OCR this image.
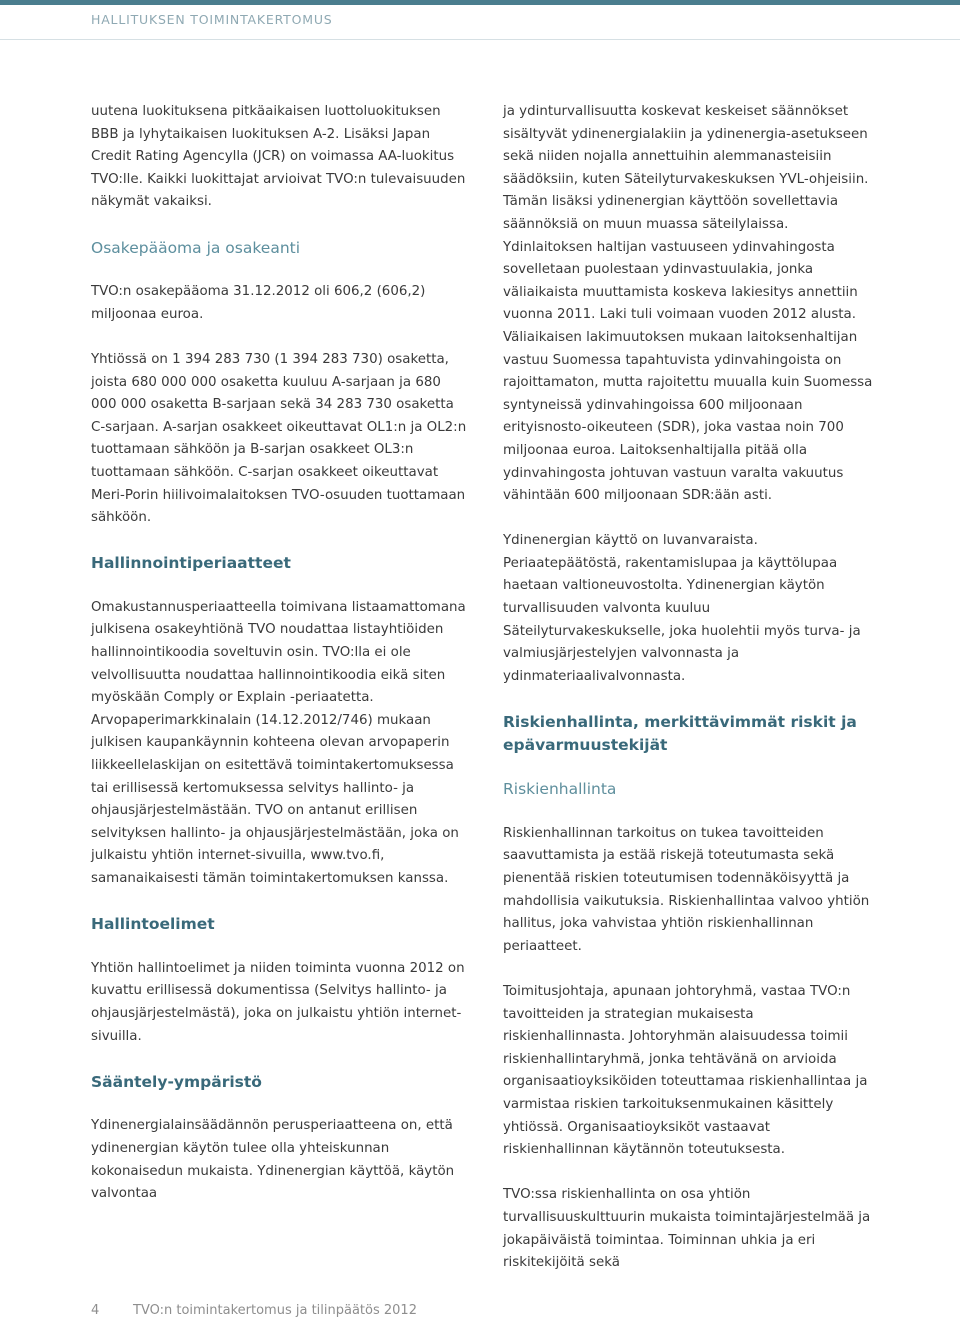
HALLITUKSEN TOIMINTAKERTOMUS

uutena luokituksena pitkäaikaisen luottoluokituksen BBB ja lyhytaikaisen luokituksen A-2. Lisäksi Japan Credit Rating Agencylla (JCR) on voimassa AA-luokitus TVO:lle. Kaikki luokittajat arvioivat TVO:n tulevaisuuden näkymät vakaiksi.

Osakepääoma ja osakeanti

TVO:n osakepääoma 31.12.2012 oli 606,2 (606,2) miljoonaa euroa.

Yhtiössä on 1 394 283 730 (1 394 283 730) osaketta, joista 680 000 000 osaketta kuuluu A-sarjaan ja 680 000 000 osaketta B-sarjaan sekä 34 283 730 osaketta C-sarjaan. A-sarjan osakkeet oikeuttavat OL1:n ja OL2:n tuottamaan sähköön ja B-sarjan osakkeet OL3:n tuottamaan sähköön. C-sarjan osakkeet oikeuttavat Meri-Porin hiilivoimalaitoksen TVO-osuuden tuottamaan sähköön.

Hallinnointiperiaatteet

Omakustannusperiaatteella toimivana listaamattomana julkisena osakeyhtiönä TVO noudattaa listayhtiöiden hallinnointikoodia soveltuvin osin. TVO:lla ei ole velvollisuutta noudattaa hallinnointikoodia eikä siten myöskään Comply or Explain -periaatetta. Arvopaperimarkkinalain (14.12.2012/746) mukaan julkisen kaupankäynnin kohteena olevan arvopaperin liikkeellelaskijan on esitettävä toimintakertomuksessa tai erillisessä kertomuksessa selvitys hallinto- ja ohjausjärjestelmästään. TVO on antanut erillisen selvityksen hallinto- ja ohjausjärjestelmästään, joka on julkaistu yhtiön internet-sivuilla, www.tvo.fi, samanaikaisesti tämän toimintakertomuksen kanssa.

Hallintoelimet

Yhtiön hallintoelimet ja niiden toiminta vuonna 2012 on kuvattu erillisessä dokumentissa (Selvitys hallinto- ja ohjausjärjestelmästä), joka on julkaistu yhtiön internet-sivuilla.

Sääntely-ympäristö

Ydinenergialainsäädännön perusperiaatteena on, että ydinenergian käytön tulee olla yhteiskunnan kokonaisedun mukaista. Ydinenergian käyttöä, käytön valvontaa

ja ydinturvallisuutta koskevat keskeiset säännökset sisältyvät ydinenergialakiin ja ydinenergia-asetukseen sekä niiden nojalla annettuihin alemmanasteisiin säädöksiin, kuten Säteilyturvakeskuksen YVL-ohjeisiin. Tämän lisäksi ydinenergian käyttöön sovellettavia säännöksiä on muun muassa säteilylaissa. Ydinlaitoksen haltijan vastuuseen ydinvahingosta sovelletaan puolestaan ydinvastuulakia, jonka väliaikaista muuttamista koskeva lakiesitys annettiin vuonna 2011. Laki tuli voimaan vuoden 2012 alusta. Väliaikaisen lakimuutoksen mukaan laitoksenhaltijan vastuu Suomessa tapahtuvista ydinvahingoista on rajoittamaton, mutta rajoitettu muualla kuin Suomessa syntyneissä ydinvahingoissa 600 miljoonaan erityisnosto-oikeuteen (SDR), joka vastaa noin 700 miljoonaa euroa. Laitoksenhaltijalla pitää olla ydinvahingosta johtuvan vastuun varalta vakuutus vähintään 600 miljoonaan SDR:ään asti.

Ydinenergian käyttö on luvanvaraista. Periaatepäätöstä, rakentamislupaa ja käyttölupaa haetaan valtioneuvostolta. Ydinenergian käytön turvallisuuden valvonta kuuluu Säteilyturvakeskukselle, joka huolehtii myös turva- ja valmiusjärjestelyjen valvonnasta ja ydinmateriaalivalvonnasta.

Riskienhallinta, merkittävimmät riskit ja epävarmuustekijät
Riskienhallinta

Riskienhallinnan tarkoitus on tukea tavoitteiden saavuttamista ja estää riskejä toteutumasta sekä pienentää riskien toteutumisen todennäköisyyttä ja mahdollisia vaikutuksia. Riskienhallintaa valvoo yhtiön hallitus, joka vahvistaa yhtiön riskienhallinnan periaatteet.

Toimitusjohtaja, apunaan johtoryhmä, vastaa TVO:n tavoitteiden ja strategian mukaisesta riskienhallinnasta. Johtoryhmän alaisuudessa toimii riskienhallintaryhmä, jonka tehtävänä on arvioida organisaatioyksiköiden toteuttamaa riskienhallintaa ja varmistaa riskien tarkoituksenmukainen käsittely yhtiössä. Organisaatioyksiköt vastaavat riskienhallinnan käytännön toteutuksesta.

TVO:ssa riskienhallinta on osa yhtiön turvallisuuskulttuurin mukaista toimintajärjestelmää ja jokapäiväistä toimintaa. Toiminnan uhkia ja eri riskitekijöitä sekä

4	TVO:n toimintakertomus ja tilinpäätös 2012
